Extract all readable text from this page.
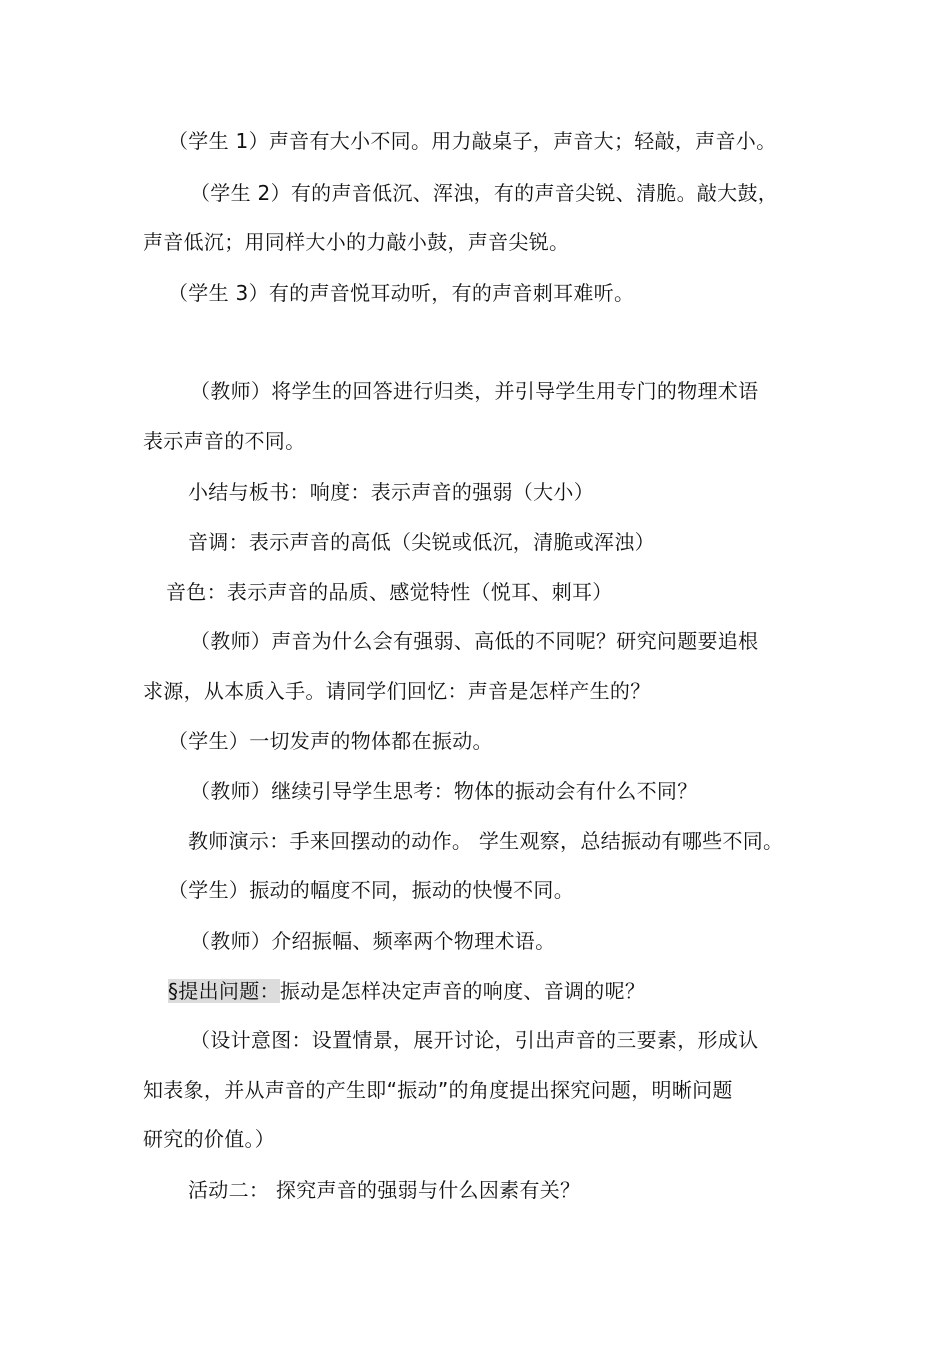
（学生 1）声音有大小不同。用力敲桌子，声音大；轻敲，声音小。
（学生 2）有的声音低沉、浑浊，有的声音尖锐、清脆。敲大鼓，
声音低沉；用同样大小的力敲小鼓，声音尖锐。
（学生 3）有的声音悦耳动听，有的声音刺耳难听。
（教师）将学生的回答进行归类，并引导学生用专门的物理术语
表示声音的不同。
小结与板书：响度：表示声音的强弱（大小）
音调：表示声音的高低（尖锐或低沉，清脆或浑浊）
音色：表示声音的品质、感觉特性（悦耳、刺耳）
（教师）声音为什么会有强弱、高低的不同呢？研究问题要追根
求源，从本质入手。请同学们回忆：声音是怎样产生的？
（学生）一切发声的物体都在振动。
（教师）继续引导学生思考：物体的振动会有什么不同？
教师演示：手来回摆动的动作。 学生观察，总结振动有哪些不同。
（学生）振动的幅度不同，振动的快慢不同。
（教师）介绍振幅、频率两个物理术语。
§提出问题：振动是怎样决定声音的响度、音调的呢？
（设计意图：设置情景，展开讨论，引出声音的三要素，形成认
知表象，并从声音的产生即“振动”的角度提出探究问题，明晰问题
研究的价值。）
活动二： 探究声音的强弱与什么因素有关？
